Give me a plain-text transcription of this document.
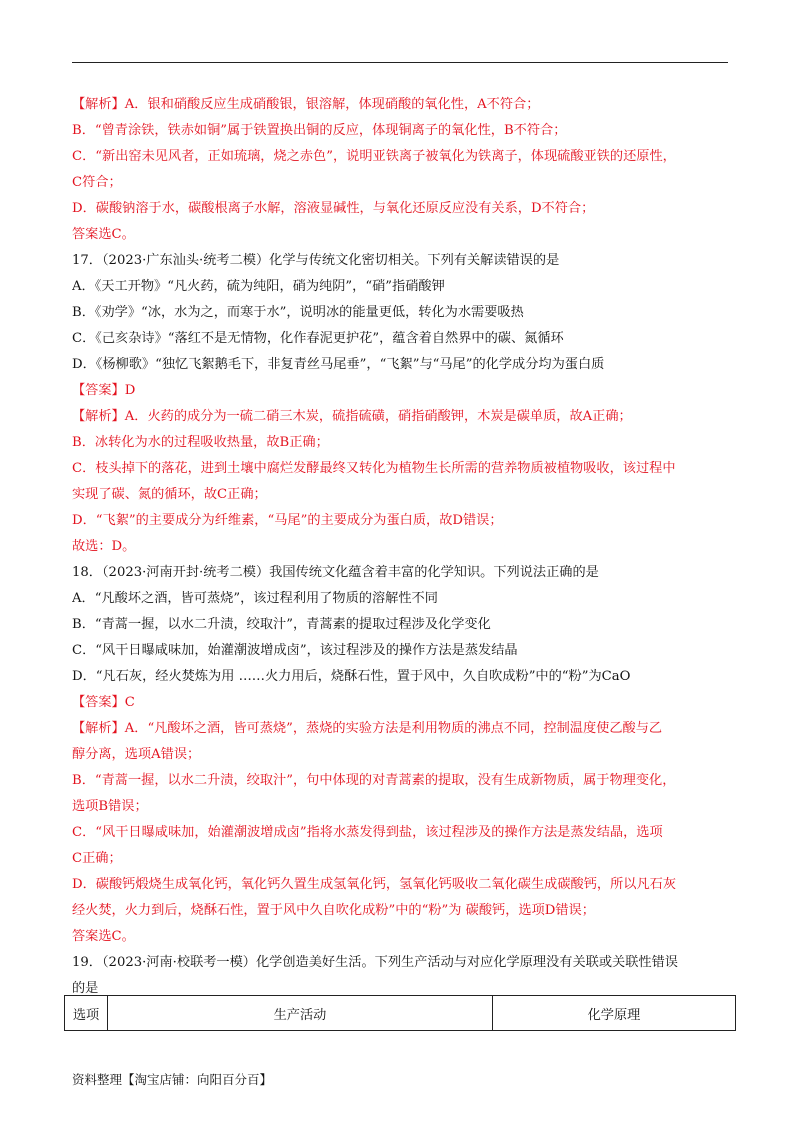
【解析】A．银和硝酸反应生成硝酸银，银溶解，体现硝酸的氧化性，A不符合；
B．“曾青涂铁，铁赤如铜”属于铁置换出铜的反应，体现铜离子的氧化性，B不符合；
C．“新出窑未见风者，正如琉璃，烧之赤色”，说明亚铁离子被氧化为铁离子，体现硫酸亚铁的还原性，
C符合；
D．碳酸钠溶于水，碳酸根离子水解，溶液显碱性，与氧化还原反应没有关系，D不符合；
答案选C。
17．（2023·广东汕头·统考二模）化学与传统文化密切相关。下列有关解读错误的是
A．《天工开物》“凡火药，硫为纯阳，硝为纯阴”，“硝”指硝酸钾
B．《劝学》“冰，水为之，而寒于水”，说明冰的能量更低，转化为水需要吸热
C．《己亥杂诗》“落红不是无情物，化作春泥更护花”，蕴含着自然界中的碳、氮循环
D．《杨柳歌》“独忆飞絮鹅毛下，非复青丝马尾垂”，“飞絮”与“马尾”的化学成分均为蛋白质
【答案】D
【解析】A．火药的成分为一硫二硝三木炭，硫指硫磺，硝指硝酸钾，木炭是碳单质，故A正确；
B．冰转化为水的过程吸收热量，故B正确；
C．枝头掉下的落花，进到土壤中腐烂发酵最终又转化为植物生长所需的营养物质被植物吸收，该过程中
实现了碳、氮的循环，故C正确；
D．“飞絮”的主要成分为纤维素，“马尾”的主要成分为蛋白质，故D错误；
故选：D。
18．（2023·河南开封·统考二模）我国传统文化蕴含着丰富的化学知识。下列说法正确的是
A．“凡酸坏之酒，皆可蒸烧”，该过程利用了物质的溶解性不同
B．“青蒿一握，以水二升渍，绞取汁”，青蒿素的提取过程涉及化学变化
C．“风干日曝咸味加，始灌潮波增成卤”，该过程涉及的操作方法是蒸发结晶
D．“凡石灰，经火焚炼为用 ……火力用后，烧酥石性，置于风中，久自吹成粉”中的“粉”为CaO
【答案】C
【解析】A．“凡酸坏之酒，皆可蒸烧”，蒸烧的实验方法是利用物质的沸点不同，控制温度使乙酸与乙
醇分离，选项A错误；
B．“青蒿一握，以水二升渍，绞取汁”，句中体现的对青蒿素的提取，没有生成新物质，属于物理变化，
选项B错误；
C．“风干日曝咸味加，始灌潮波增成卤”指将水蒸发得到盐，该过程涉及的操作方法是蒸发结晶，选项
C正确；
D．碳酸钙煅烧生成氧化钙，氧化钙久置生成氢氧化钙，氢氧化钙吸收二氧化碳生成碳酸钙，所以凡石灰
经火焚，火力到后，烧酥石性，置于风中久自吹化成粉”中的“粉”为 碳酸钙，选项D错误；
答案选C。
19．（2023·河南·校联考一模）化学创造美好生活。下列生产活动与对应化学原理没有关联或关联性错误
的是
选项	生产活动	化学原理
资料整理【淘宝店铺：向阳百分百】
